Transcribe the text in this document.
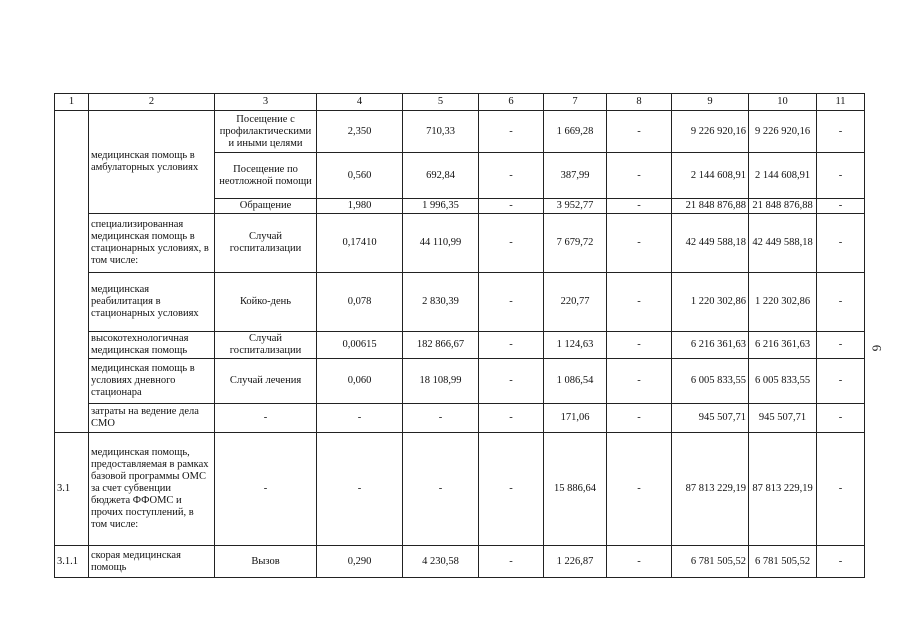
1	2	3	4	5	6	7	8	9	10	11
	медицинская помощь в амбулаторных условиях	Посещение с профилактическими и иными целями	2,350	710,33	-	1 669,28	-	9 226 920,16	9 226 920,16	-
		Посещение по неотложной помощи	0,560	692,84	-	387,99	-	2 144 608,91	2 144 608,91	-
		Обращение	1,980	1 996,35	-	3 952,77	-	21 848 876,88	21 848 876,88	-
	специализированная медицинская помощь в стационарных условиях, в том числе:	Случай госпитализации	0,17410	44 110,99	-	7 679,72	-	42 449 588,18	42 449 588,18	-
	медицинская реабилитация в стационарных условиях	Койко-день	0,078	2 830,39	-	220,77	-	1 220 302,86	1 220 302,86	-
	высокотехнологичная медицинская помощь	Случай госпитализации	0,00615	182 866,67	-	1 124,63	-	6 216 361,63	6 216 361,63	-
	медицинская помощь в условиях дневного стационара	Случай лечения	0,060	18 108,99	-	1 086,54	-	6 005 833,55	6 005 833,55	-
	затраты на ведение дела СМО	-	-	-	-	171,06	-	945 507,71	945 507,71	-
3.1	медицинская помощь, предоставляемая в рамках базовой программы ОМС за счет субвенции бюджета ФФОМС и прочих поступлений, в том числе:	-	-	-	-	15 886,64	-	87 813 229,19	87 813 229,19	-
3.1.1	скорая медицинская помощь	Вызов	0,290	4 230,58	-	1 226,87	-	6 781 505,52	6 781 505,52	-
6
